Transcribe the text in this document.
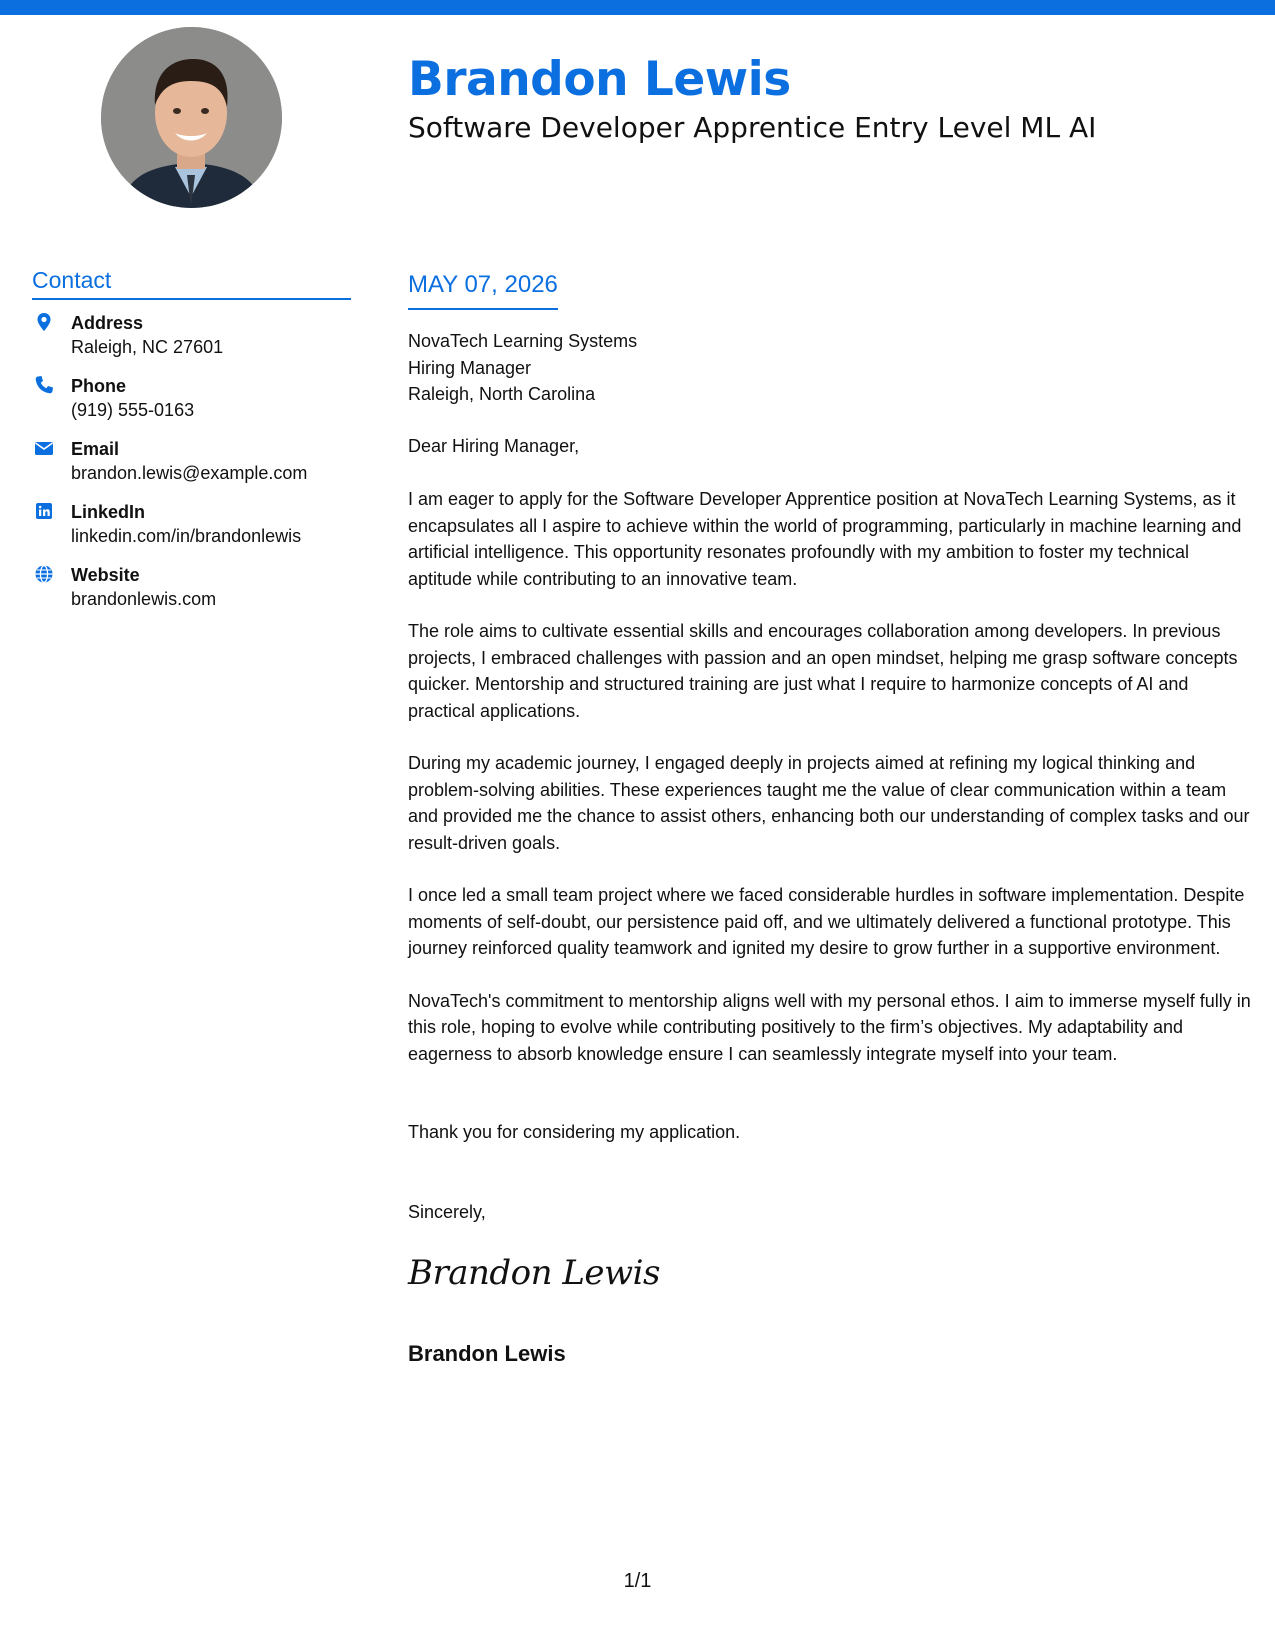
Brandon Lewis
Software Developer Apprentice Entry Level ML AI
Contact
Address
Raleigh, NC 27601
Phone
(919) 555-0163
Email
brandon.lewis@example.com
LinkedIn
linkedin.com/in/brandonlewis
Website
brandonlewis.com
MAY 07, 2026
NovaTech Learning Systems
Hiring Manager
Raleigh, North Carolina
Dear Hiring Manager,

I am eager to apply for the Software Developer Apprentice position at NovaTech Learning Systems, as it encapsulates all I aspire to achieve within the world of programming, particularly in machine learning and artificial intelligence. This opportunity resonates profoundly with my ambition to foster my technical aptitude while contributing to an innovative team.

The role aims to cultivate essential skills and encourages collaboration among developers. In previous projects, I embraced challenges with passion and an open mindset, helping me grasp software concepts quicker. Mentorship and structured training are just what I require to harmonize concepts of AI and practical applications.

During my academic journey, I engaged deeply in projects aimed at refining my logical thinking and problem-solving abilities. These experiences taught me the value of clear communication within a team and provided me the chance to assist others, enhancing both our understanding of complex tasks and our result-driven goals.

I once led a small team project where we faced considerable hurdles in software implementation. Despite moments of self-doubt, our persistence paid off, and we ultimately delivered a functional prototype. This journey reinforced quality teamwork and ignited my desire to grow further in a supportive environment.

NovaTech's commitment to mentorship aligns well with my personal ethos. I aim to immerse myself fully in this role, hoping to evolve while contributing positively to the firm’s objectives. My adaptability and eagerness to absorb knowledge ensure I can seamlessly integrate myself into your team.

Thank you for considering my application.
Sincerely,
Brandon Lewis
Brandon Lewis
1/1
